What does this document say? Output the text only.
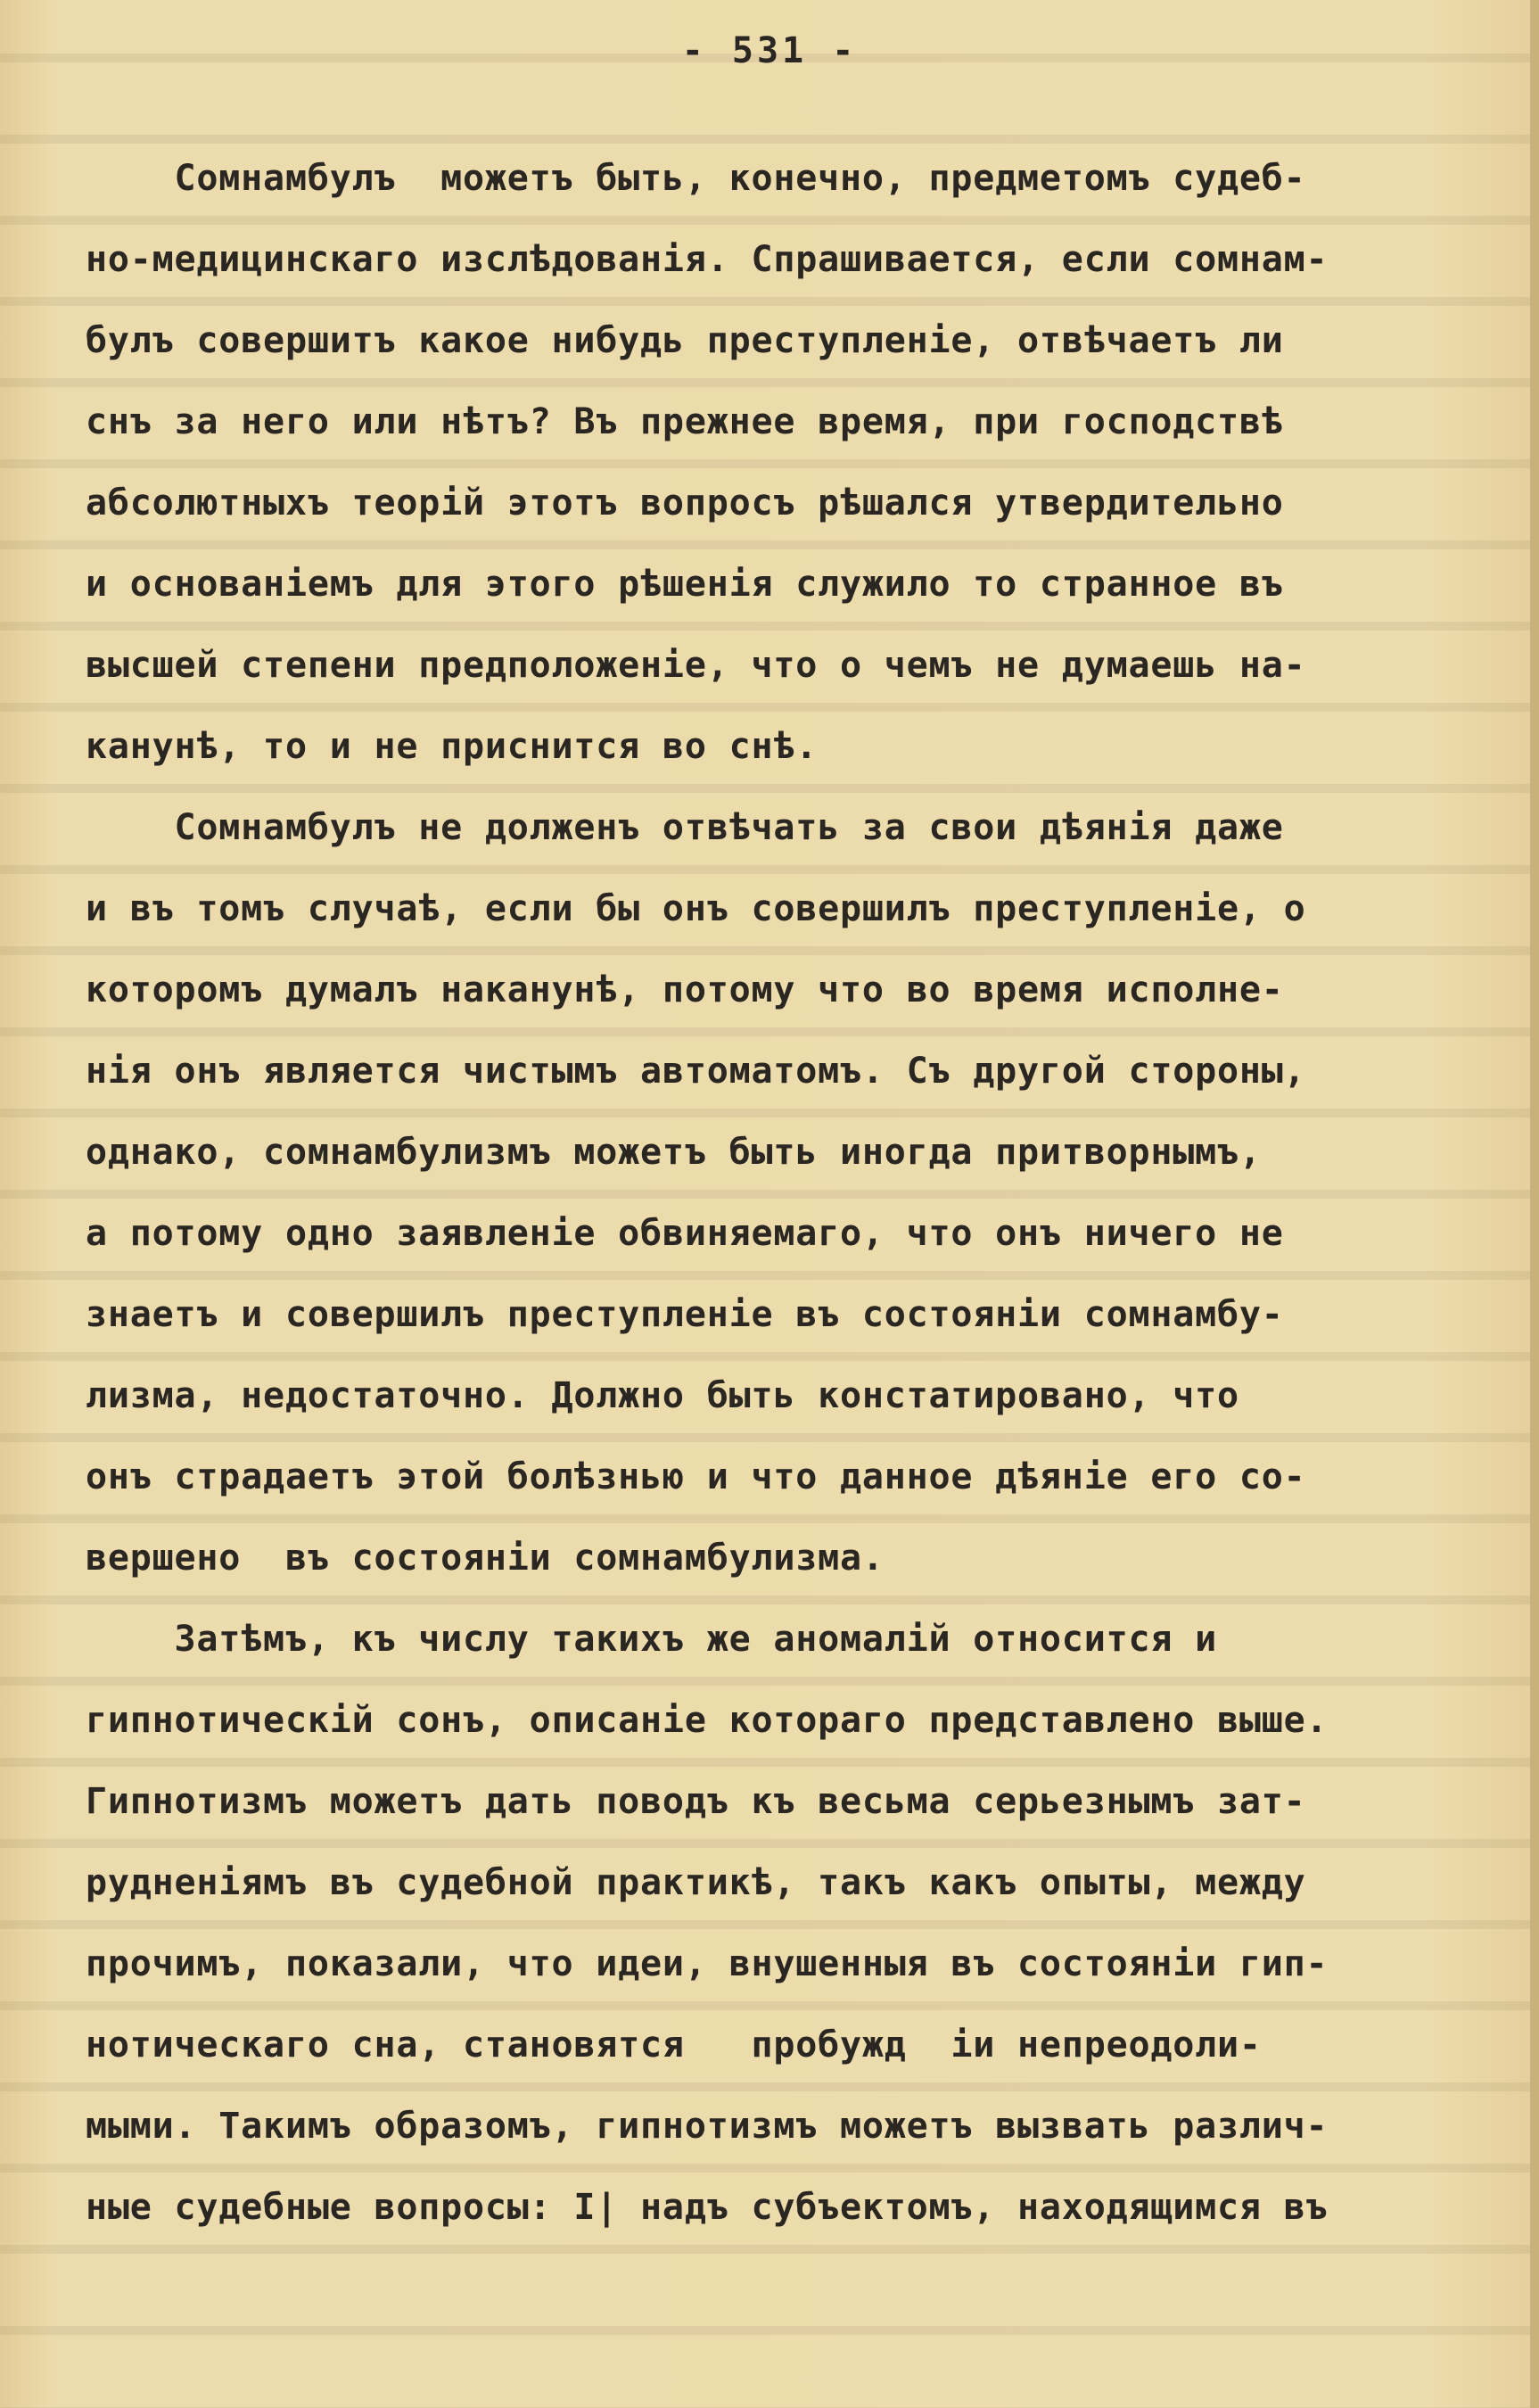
- 531 -
Сомнамбулъ  можетъ быть, конечно, предметомъ судеб-
но-медицинскаго изслѣдованія. Спрашивается, если сомнам-
булъ совершитъ какое нибудь преступленіе, отвѣчаетъ ли
снъ за него или нѣтъ? Въ прежнее время, при господствѣ
абсолютныхъ теорій этотъ вопросъ рѣшался утвердительно
и основаніемъ для этого рѣшенія служило то странное въ
высшей степени предположеніе, что о чемъ не думаешь на-
канунѣ, то и не приснится во снѣ.
Сомнамбулъ не долженъ отвѣчать за свои дѣянія даже
и въ томъ случаѣ, если бы онъ совершилъ преступленіе, о
которомъ думалъ наканунѣ, потому что во время исполне-
нія онъ является чистымъ автоматомъ. Съ другой стороны,
однако, сомнамбулизмъ можетъ быть иногда притворнымъ,
а потому одно заявленіе обвиняемаго, что онъ ничего не
знаетъ и совершилъ преступленіе въ состояніи сомнамбу-
лизма, недостаточно. Должно быть констатировано, что
онъ страдаетъ этой болѣзнью и что данное дѣяніе его со-
вершено  въ состояніи сомнамбулизма.
Затѣмъ, къ числу такихъ же аномалій относится и
гипнотическій сонъ, описаніе котораго представлено выше.
Гипнотизмъ можетъ дать поводъ къ весьма серьезнымъ зат-
рудненіямъ въ судебной практикѣ, такъ какъ опыты, между
прочимъ, показали, что идеи, внушенныя въ состояніи гип-
нотическаго сна, становятся   пробужд  іи непреодоли-
мыми. Такимъ образомъ, гипнотизмъ можетъ вызвать различ-
ные судебные вопросы: I| надъ субъектомъ, находящимся въ
